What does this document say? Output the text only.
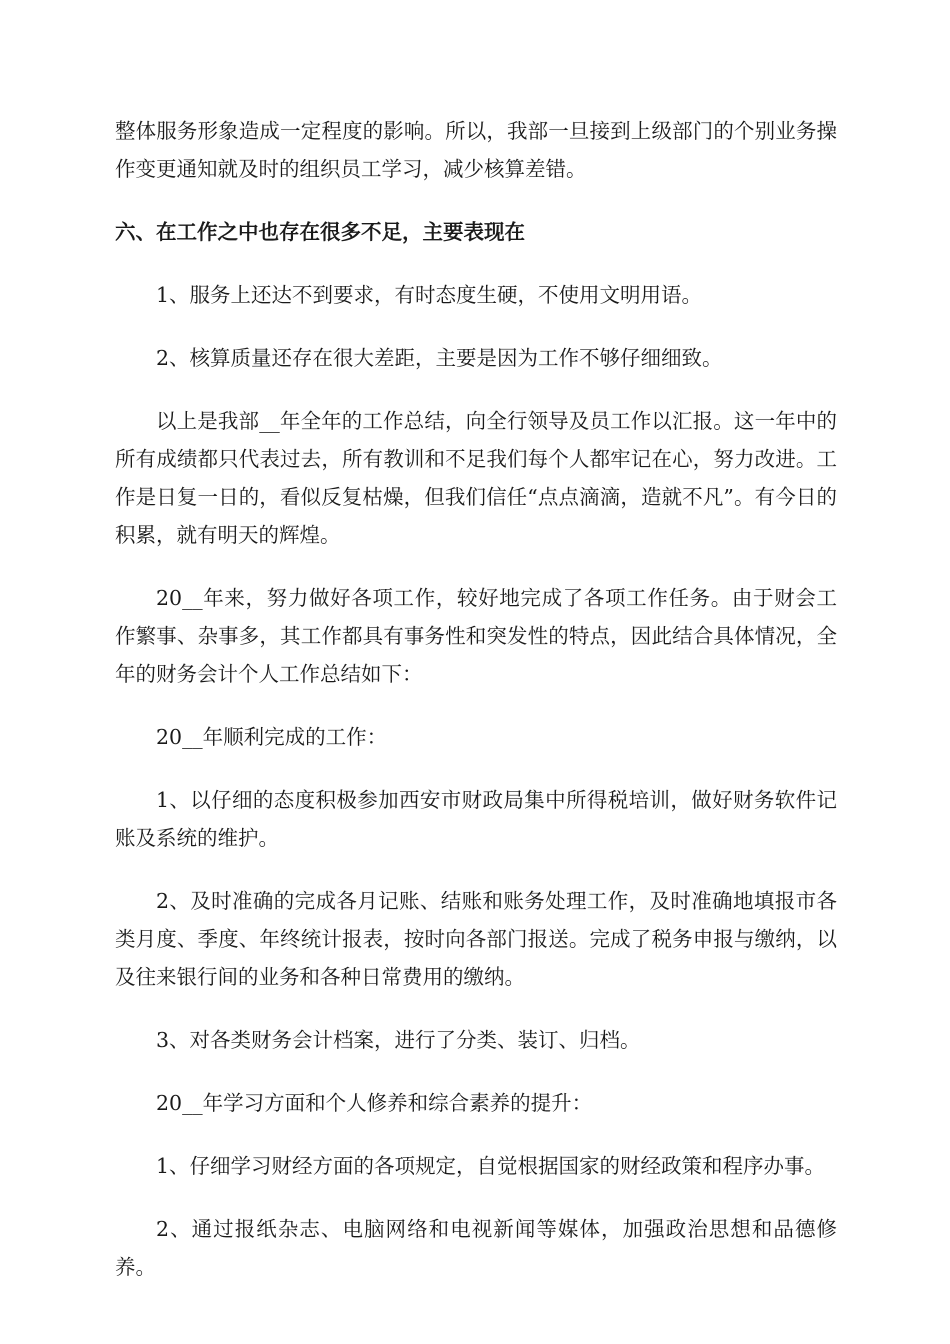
整体服务形象造成一定程度的影响。所以，我部一旦接到上级部门的个别业务操作变更通知就及时的组织员工学习，减少核算差错。

六、在工作之中也存在很多不足，主要表现在

1、服务上还达不到要求，有时态度生硬，不使用文明用语。

2、核算质量还存在很大差距，主要是因为工作不够仔细细致。

以上是我部__年全年的工作总结，向全行领导及员工作以汇报。这一年中的所有成绩都只代表过去，所有教训和不足我们每个人都牢记在心，努力改进。工作是日复一日的，看似反复枯燥，但我们信任“点点滴滴，造就不凡”。有今日的积累，就有明天的辉煌。

20__年来，努力做好各项工作，较好地完成了各项工作任务。由于财会工作繁事、杂事多，其工作都具有事务性和突发性的特点，因此结合具体情况，全年的财务会计个人工作总结如下：

20__年顺利完成的工作：

1、以仔细的态度积极参加西安市财政局集中所得税培训，做好财务软件记账及系统的维护。

2、及时准确的完成各月记账、结账和账务处理工作，及时准确地填报市各类月度、季度、年终统计报表，按时向各部门报送。完成了税务申报与缴纳，以及往来银行间的业务和各种日常费用的缴纳。

3、对各类财务会计档案，进行了分类、装订、归档。

20__年学习方面和个人修养和综合素养的提升：

1、仔细学习财经方面的各项规定，自觉根据国家的财经政策和程序办事。

2、通过报纸杂志、电脑网络和电视新闻等媒体，加强政治思想和品德修养。
